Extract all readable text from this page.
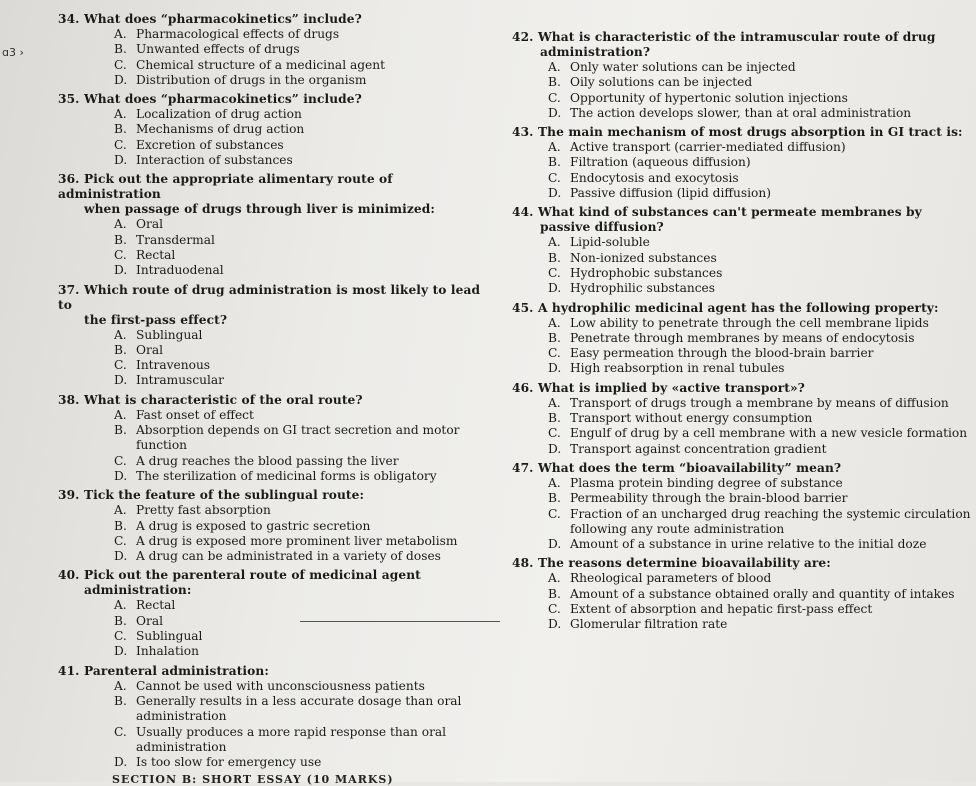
ɑ3 ›
34. What does “pharmacokinetics” include?
A. Pharmacological effects of drugs
B. Unwanted effects of drugs
C. Chemical structure of a medicinal agent
D. Distribution of drugs in the organism
35. What does “pharmacokinetics” include?
A. Localization of drug action
B. Mechanisms of drug action
C. Excretion of substances
D. Interaction of substances
36. Pick out the appropriate alimentary route of administration
when passage of drugs through liver is minimized:
A. Oral
B. Transdermal
C. Rectal
D. Intraduodenal
37. Which route of drug administration is most likely to lead to
the first-pass effect?
A. Sublingual
B. Oral
C. Intravenous
D. Intramuscular
38. What is characteristic of the oral route?
A. Fast onset of effect
B. Absorption depends on GI tract secretion and motor function
C. A drug reaches the blood passing the liver
D. The sterilization of medicinal forms is obligatory
39. Tick the feature of the sublingual route:
A. Pretty fast absorption
B. A drug is exposed to gastric secretion
C. A drug is exposed more prominent liver metabolism
D. A drug can be administrated in a variety of doses
40. Pick out the parenteral route of medicinal agent
administration:
A. Rectal
B. Oral
C. Sublingual
D. Inhalation
41. Parenteral administration:
A. Cannot be used with unconsciousness patients
B. Generally results in a less accurate dosage than oral administration
C. Usually produces a more rapid response than oral administration
D. Is too slow for emergency use
42. What is characteristic of the intramuscular route of drug
administration?
A. Only water solutions can be injected
B. Oily solutions can be injected
C. Opportunity of hypertonic solution injections
D. The action develops slower, than at oral administration
43. The main mechanism of most drugs absorption in GI tract is:
A. Active transport (carrier-mediated diffusion)
B. Filtration (aqueous diffusion)
C. Endocytosis and exocytosis
D. Passive diffusion (lipid diffusion)
44. What kind of substances can't permeate membranes by
passive diffusion?
A. Lipid-soluble
B. Non-ionized substances
C. Hydrophobic substances
D. Hydrophilic substances
45. A hydrophilic medicinal agent has the following property:
A. Low ability to penetrate through the cell membrane lipids
B. Penetrate through membranes by means of endocytosis
C. Easy permeation through the blood-brain barrier
D. High reabsorption in renal tubules
46. What is implied by «active transport»?
A. Transport of drugs trough a membrane by means of diffusion
B. Transport without energy consumption
C. Engulf of drug by a cell membrane with a new vesicle formation
D. Transport against concentration gradient
47. What does the term “bioavailability” mean?
A. Plasma protein binding degree of substance
B. Permeability through the brain-blood barrier
C. Fraction of an uncharged drug reaching the systemic circulation following any route administration
D. Amount of a substance in urine relative to the initial doze
48. The reasons determine bioavailability are:
A. Rheological parameters of blood
B. Amount of a substance obtained orally and quantity of intakes
C. Extent of absorption and hepatic first-pass effect
D. Glomerular filtration rate
SECTION B: SHORT ESSAY (10 MARKS)
